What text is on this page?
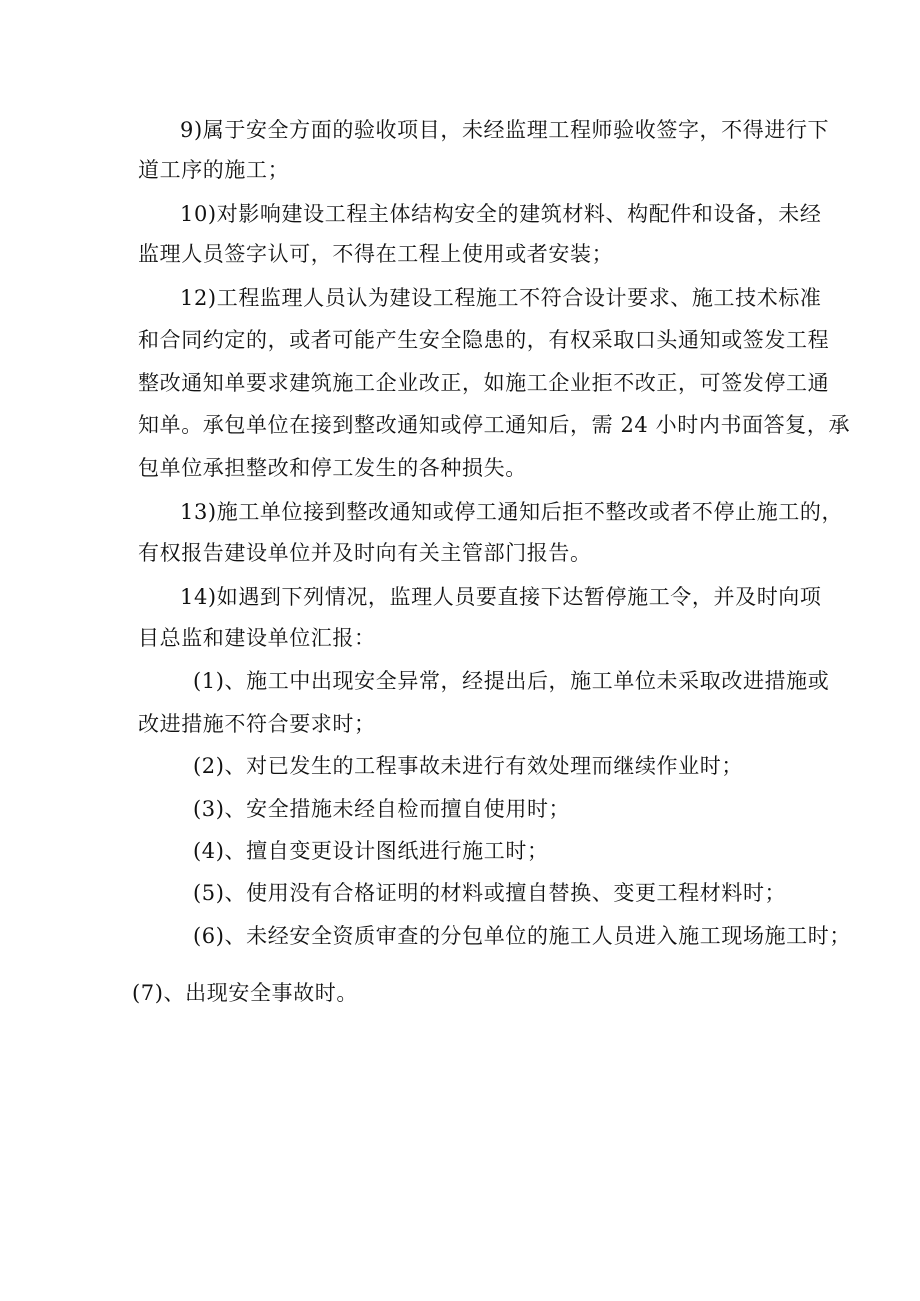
9)属于安全方面的验收项目，未经监理工程师验收签字，不得进行下
道工序的施工；
10)对影响建设工程主体结构安全的建筑材料、构配件和设备，未经
监理人员签字认可，不得在工程上使用或者安装；
12)工程监理人员认为建设工程施工不符合设计要求、施工技术标准
和合同约定的，或者可能产生安全隐患的，有权采取口头通知或签发工程
整改通知单要求建筑施工企业改正，如施工企业拒不改正，可签发停工通
知单。承包单位在接到整改通知或停工通知后，需 24 小时内书面答复，承
包单位承担整改和停工发生的各种损失。
13)施工单位接到整改通知或停工通知后拒不整改或者不停止施工的，
有权报告建设单位并及时向有关主管部门报告。
14)如遇到下列情况，监理人员要直接下达暂停施工令，并及时向项
目总监和建设单位汇报：
(1)、施工中出现安全异常，经提出后，施工单位未采取改进措施或
改进措施不符合要求时；
(2)、对已发生的工程事故未进行有效处理而继续作业时；
(3)、安全措施未经自检而擅自使用时；
(4)、擅自变更设计图纸进行施工时；
(5)、使用没有合格证明的材料或擅自替换、变更工程材料时；
(6)、未经安全资质审查的分包单位的施工人员进入施工现场施工时；
(7)、出现安全事故时。
